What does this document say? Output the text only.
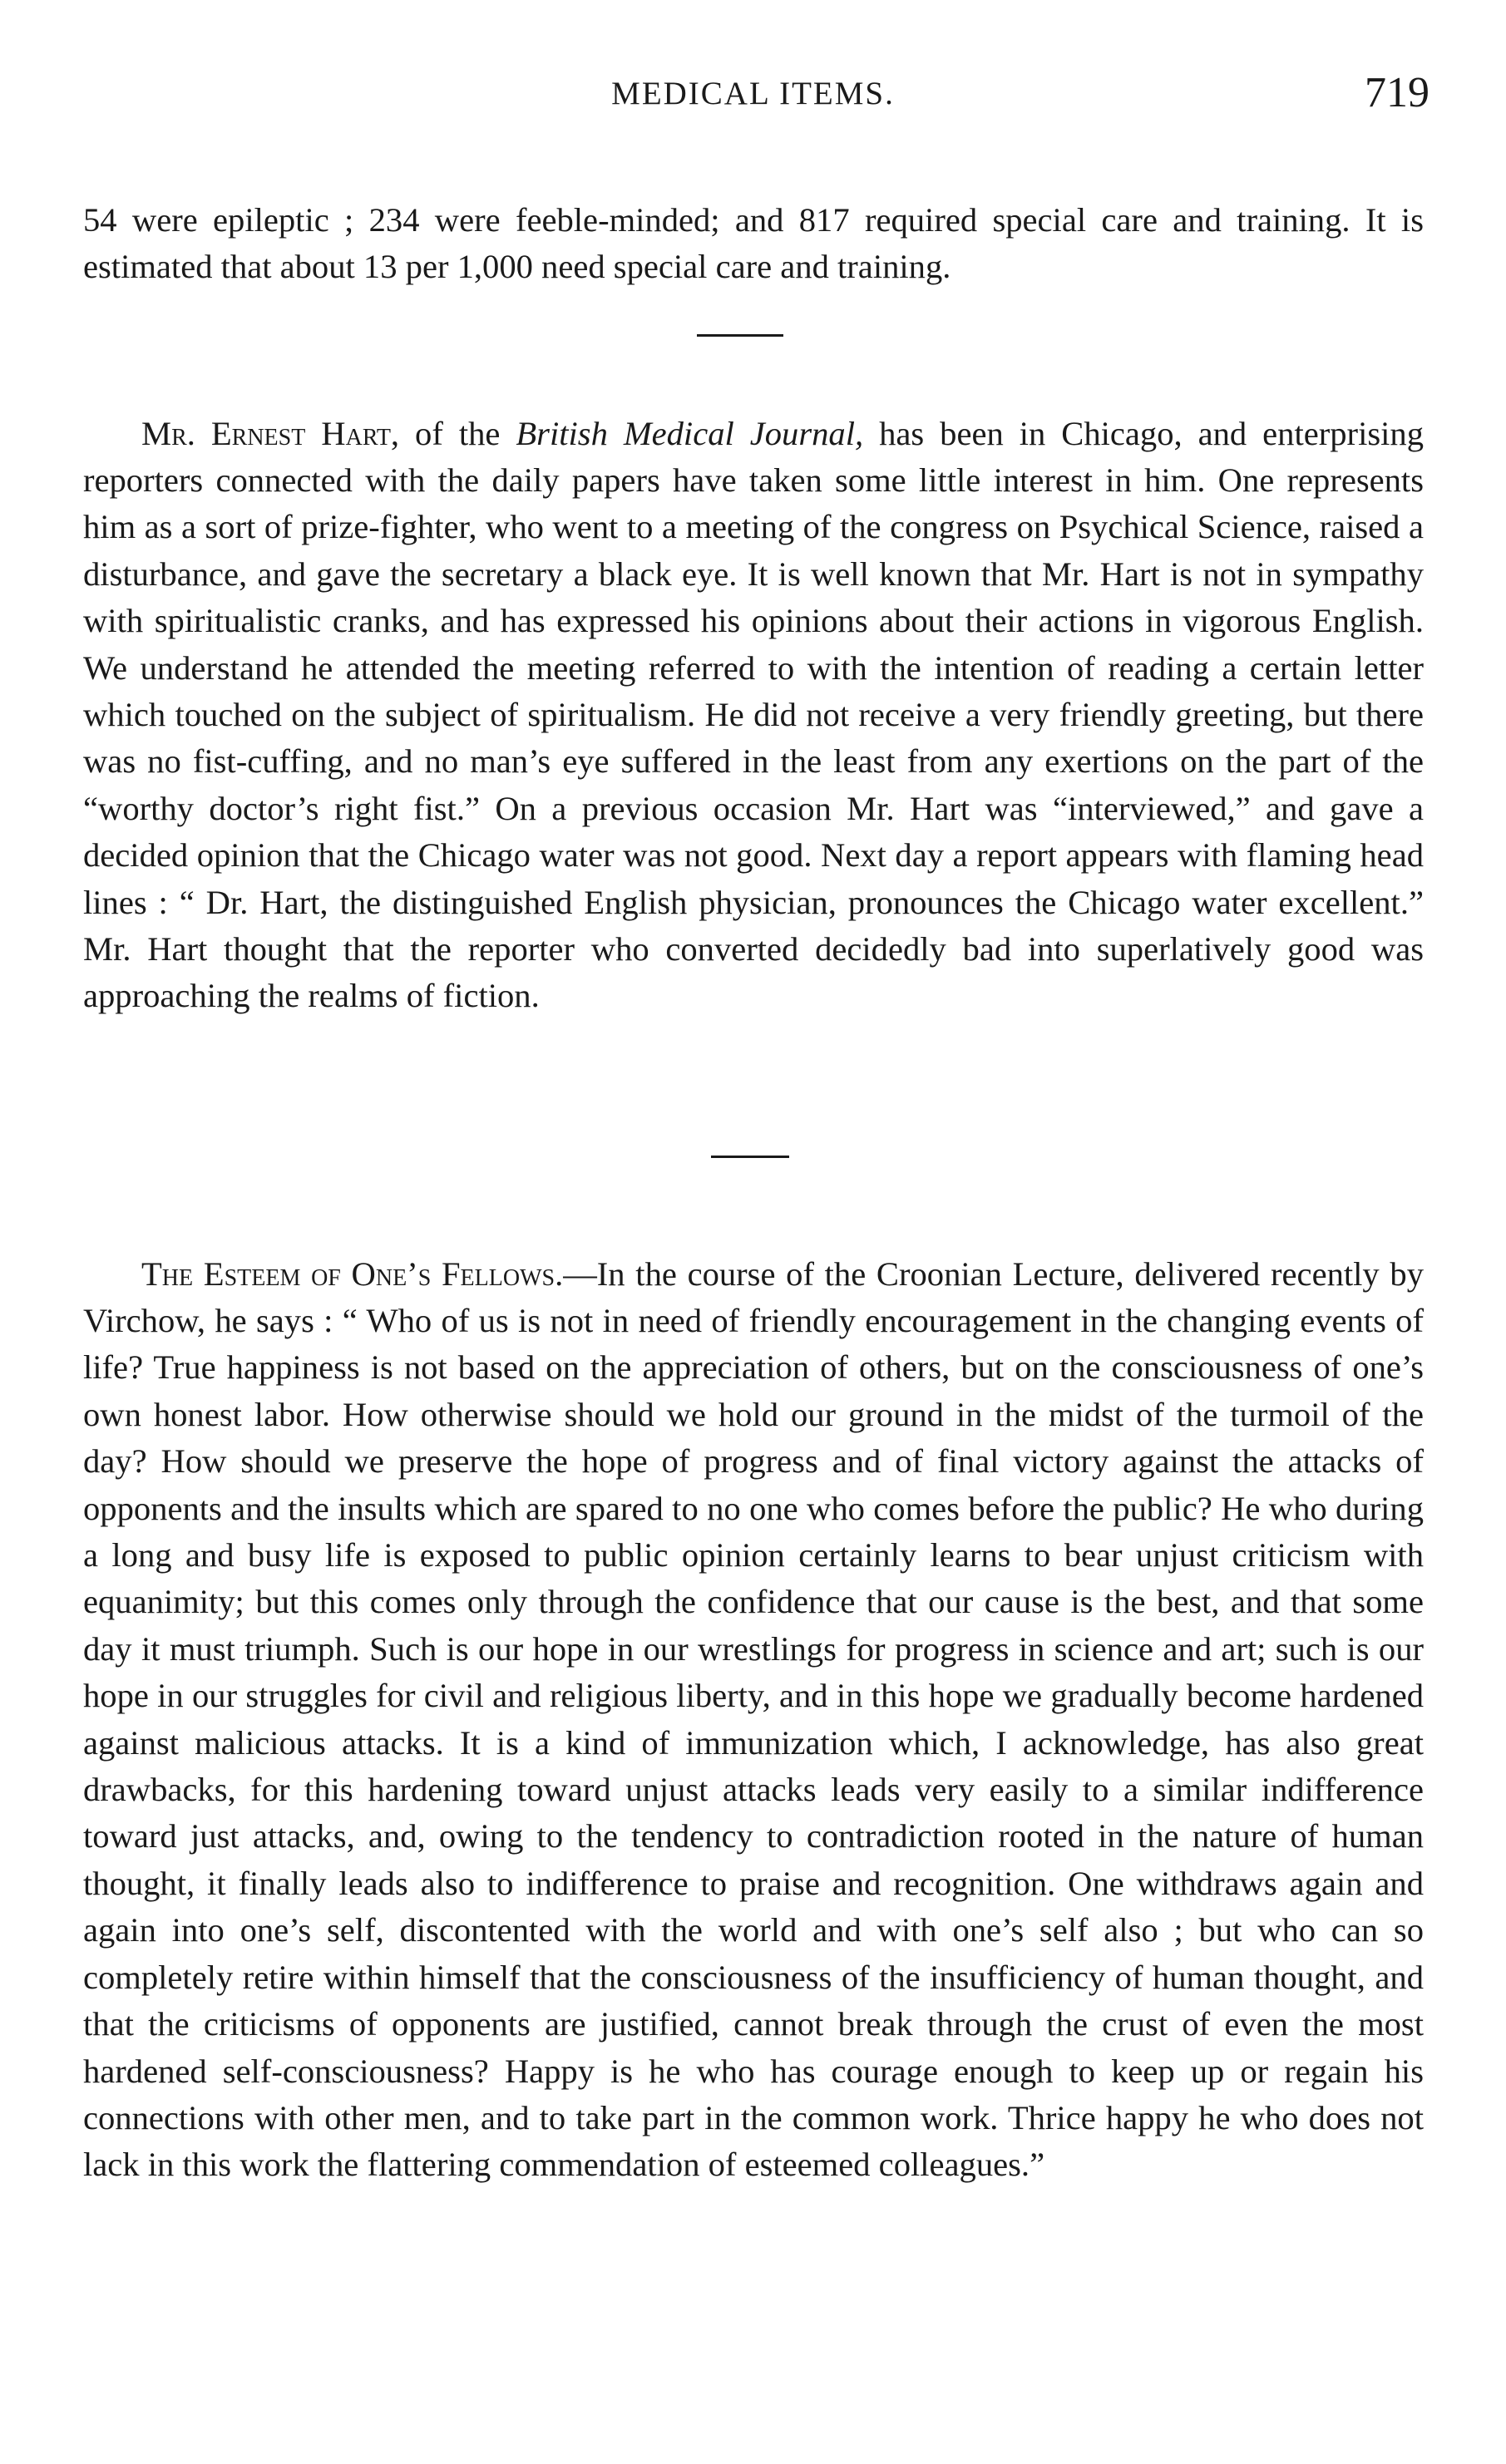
MEDICAL ITEMS.	719

54 were epileptic ; 234 were feeble-minded; and 817 required special care and training. It is estimated that about 13 per 1,000 need special care and training.

Mr. Ernest Hart, of the British Medical Journal, has been in Chicago, and enterprising reporters connected with the daily papers have taken some little interest in him. One represents him as a sort of prize-fighter, who went to a meeting of the congress on Psychical Science, raised a disturbance, and gave the secretary a black eye. It is well known that Mr. Hart is not in sympathy with spiritualistic cranks, and has expressed his opinions about their actions in vigorous English. We understand he attended the meeting referred to with the intention of reading a certain letter which touched on the subject of spiritualism. He did not receive a very friendly greeting, but there was no fist-cuffing, and no man’s eye suffered in the least from any exertions on the part of the “worthy doctor’s right fist.” On a previous occasion Mr. Hart was “interviewed,” and gave a decided opinion that the Chicago water was not good. Next day a report appears with flaming head lines : “ Dr. Hart, the distinguished English physician, pronounces the Chicago water excellent.” Mr. Hart thought that the reporter who converted decidedly bad into superlatively good was approaching the realms of fiction.

The Esteem of One’s Fellows.—In the course of the Croonian Lecture, delivered recently by Virchow, he says : “ Who of us is not in need of friendly encouragement in the changing events of life? True happiness is not based on the appreciation of others, but on the consciousness of one’s own honest labor. How otherwise should we hold our ground in the midst of the turmoil of the day? How should we preserve the hope of progress and of final victory against the attacks of opponents and the insults which are spared to no one who comes before the public? He who during a long and busy life is exposed to public opinion certainly learns to bear unjust criticism with equanimity; but this comes only through the confidence that our cause is the best, and that some day it must triumph. Such is our hope in our wrestlings for progress in science and art; such is our hope in our struggles for civil and religious liberty, and in this hope we gradually become hardened against malicious attacks. It is a kind of immunization which, I acknowledge, has also great drawbacks, for this hardening toward unjust attacks leads very easily to a similar indifference toward just attacks, and, owing to the tendency to contradiction rooted in the nature of human thought, it finally leads also to indifference to praise and recognition. One withdraws again and again into one’s self, discontented with the world and with one’s self also ; but who can so completely retire within himself that the consciousness of the insufficiency of human thought, and that the criticisms of opponents are justified, cannot break through the crust of even the most hardened self-consciousness? Happy is he who has courage enough to keep up or regain his connections with other men, and to take part in the common work. Thrice happy he who does not lack in this work the flattering commendation of esteemed colleagues.”
